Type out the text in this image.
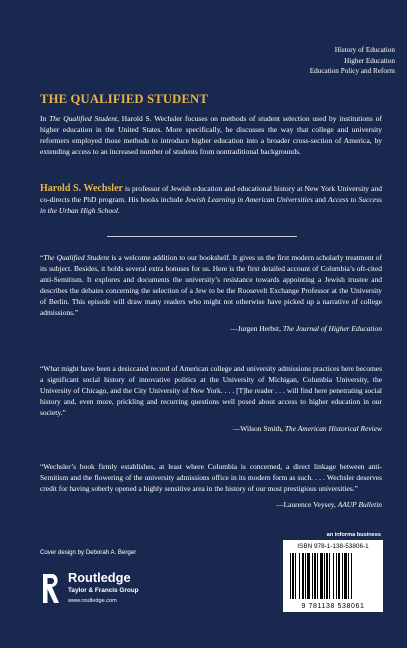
History of Education
Higher Education
Education Policy and Reform
THE QUALIFIED STUDENT

In The Qualified Student, Harold S. Wechsler focuses on methods of student selection used by institutions of higher education in the United States. More specifically, he discusses the way that college and university reformers employed those methods to introduce higher education into a broader cross-section of America, by extending access to an increased number of students from nontraditional backgrounds.

Harold S. Wechsler is professor of Jewish education and educational history at New York University and co-directs the PhD program. His books include Jewish Learning in American Universities and Access to Success in the Urban High School.

“The Qualified Student is a welcome addition to our bookshelf. It gives us the first modern scholarly treatment of its subject. Besides, it holds several extra bonuses for us. Here is the first detailed account of Columbia’s oft-cited anti-Semitism. It explores and documents the university’s resistance towards appointing a Jewish trustee and describes the debates concerning the selection of a Jew to be the Roosevelt Exchange Professor at the University of Berlin. This episode will draw many readers who might not otherwise have picked up a narrative of college admissions.”

—Jurgen Herbst, The Journal of Higher Education

“What might have been a desiccated record of American college and university admissions practices here becomes a significant social history of innovative politics at the University of Michigan, Columbia University, the University of Chicago, and the City University of New York. . . . [T]he reader . . . will find here penetrating social history and, even more, prickling and recurring questions well posed about access to higher education in our society.”

—Wilson Smith, The American Historical Review

“Wechsler’s book firmly establishes, at least where Columbia is concerned, a direct linkage between anti-Semitism and the flowering of the university admissions office in its modern form as such. . . . Wechsler deserves credit for having soberly opened a highly sensitive area in the history of our most prestigious universities.”

—Laurence Veysey, AAUP Bulletin
an informa business
ISBN 978-1-138-53806-1
9 781138 538061
Cover design by Deborah A. Berger
Routledge
Taylor & Francis Group
www.routledge.com
